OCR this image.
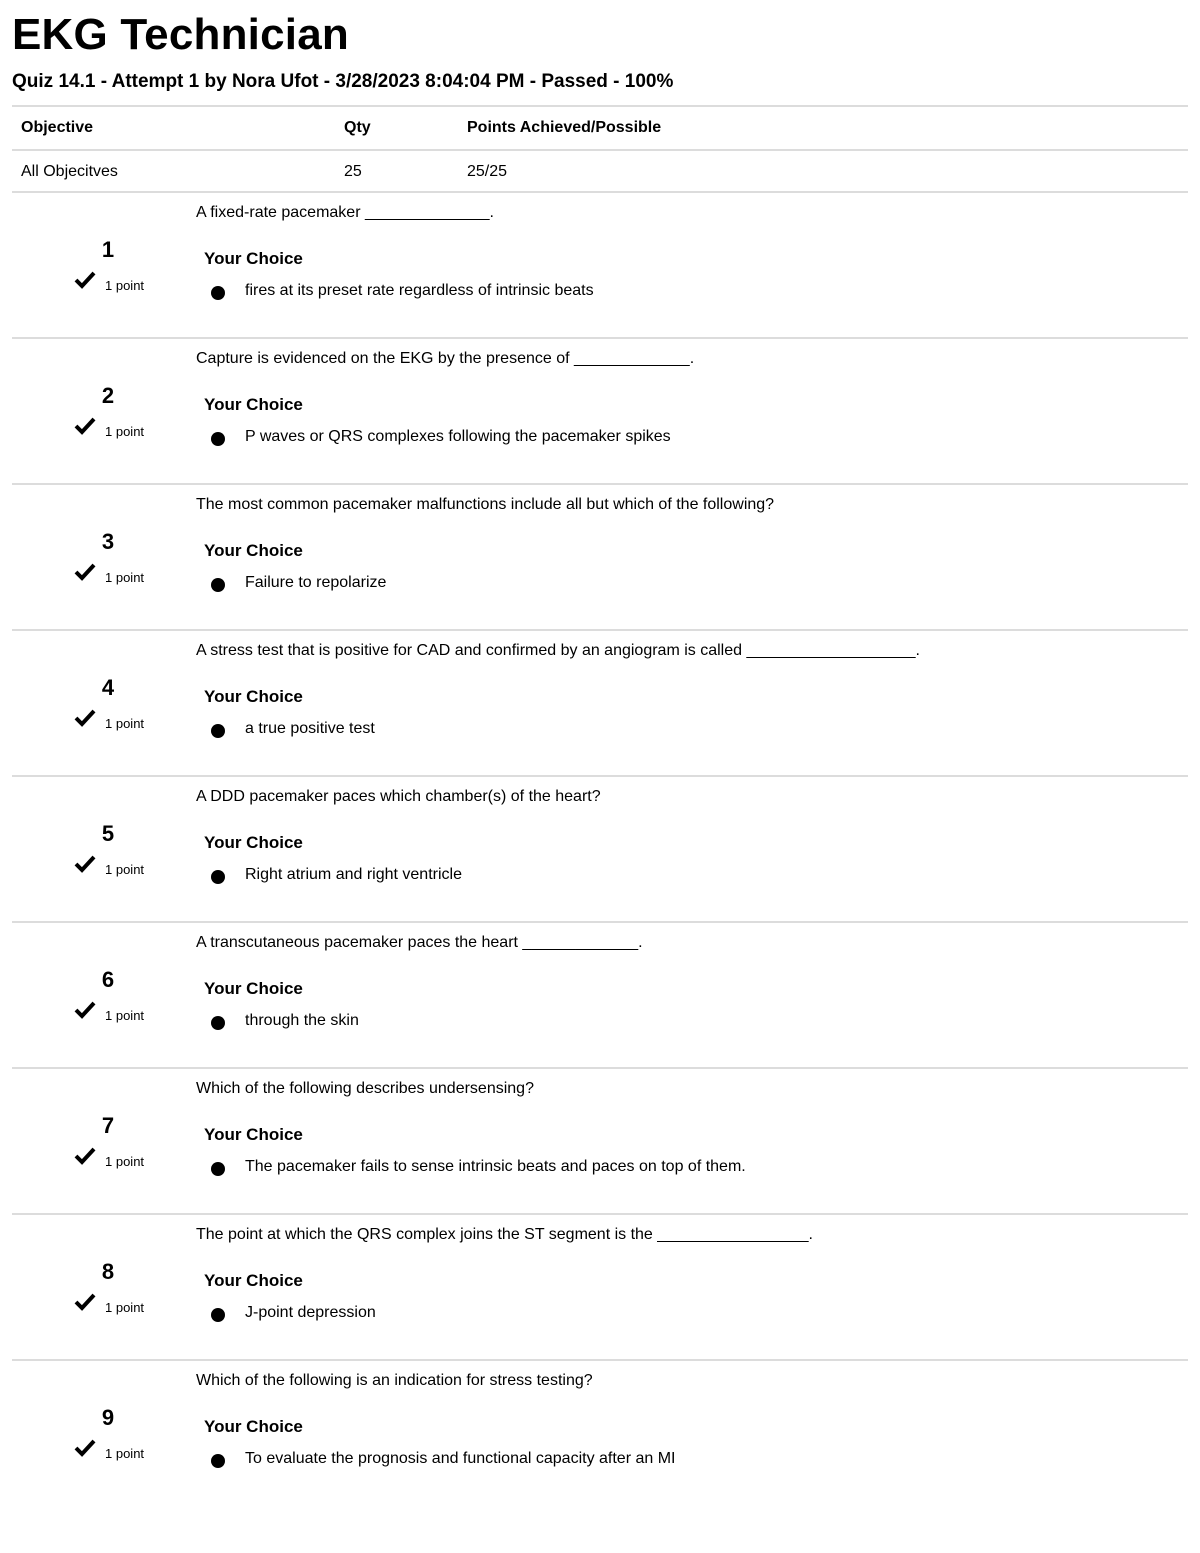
EKG Technician
Quiz 14.1 - Attempt 1 by Nora Ufot - 3/28/2023 8:04:04 PM - Passed - 100%
Objective	Qty	Points Achieved/Possible
All Objecitves	25	25/25
1
1 point
A fixed-rate pacemaker ______________.
Your Choice
fires at its preset rate regardless of intrinsic beats
2
1 point
Capture is evidenced on the EKG by the presence of _____________.
Your Choice
P waves or QRS complexes following the pacemaker spikes
3
1 point
The most common pacemaker malfunctions include all but which of the following?
Your Choice
Failure to repolarize
4
1 point
A stress test that is positive for CAD and confirmed by an angiogram is called ___________________.
Your Choice
a true positive test
5
1 point
A DDD pacemaker paces which chamber(s) of the heart?
Your Choice
Right atrium and right ventricle
6
1 point
A transcutaneous pacemaker paces the heart _____________.
Your Choice
through the skin
7
1 point
Which of the following describes undersensing?
Your Choice
The pacemaker fails to sense intrinsic beats and paces on top of them.
8
1 point
The point at which the QRS complex joins the ST segment is the _________________.
Your Choice
J-point depression
9
1 point
Which of the following is an indication for stress testing?
Your Choice
To evaluate the prognosis and functional capacity after an MI
